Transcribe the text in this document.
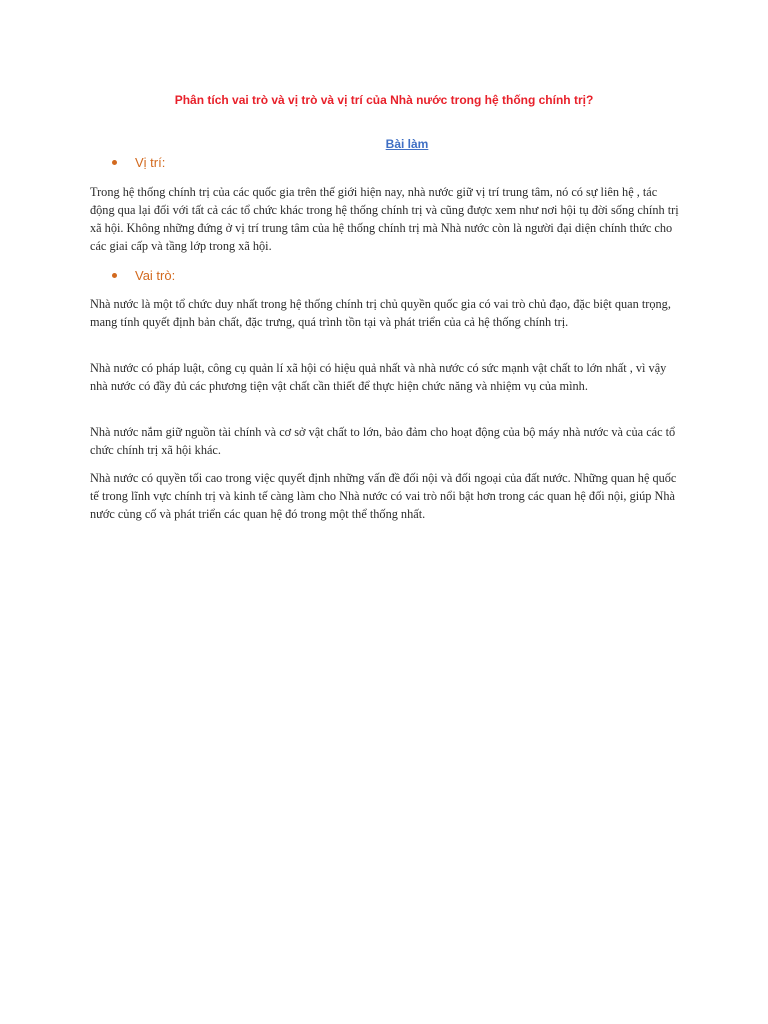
Phân tích vai trò và vị trò và vị trí của Nhà nước trong hệ thống chính trị?
Bài làm
Vị trí:

Trong hệ thống chính trị của các quốc gia trên thế giới hiện nay, nhà nước giữ vị trí trung tâm, nó có sự liên hệ , tác động qua lại đối với tất cả các tổ chức khác trong hệ thống chính trị và cũng được xem như nơi hội tụ đời sống chính trị xã hội. Không những đứng ở vị trí trung tâm của hệ thống chính trị mà Nhà nước còn là người đại diện chính thức cho các giai cấp và tầng lớp trong xã hội.

Vai trò:

Nhà nước là một tổ chức duy nhất trong hệ thống chính trị chủ quyền quốc gia có vai trò chủ đạo, đặc biệt quan trọng, mang tính quyết định bản chất, đặc trưng, quá trình tồn tại và phát triển của cả hệ thống chính trị.

Nhà nước có pháp luật, công cụ quản lí xã hội có hiệu quả nhất và nhà nước có sức mạnh vật chất to lớn nhất , vì vậy nhà nước có đầy đủ các phương tiện vật chất cần thiết để thực hiện chức năng và nhiệm vụ của mình.

Nhà nước nắm giữ nguồn tài chính và cơ sở vật chất to lớn, bảo đảm cho hoạt động của bộ máy nhà nước và của các tổ chức chính trị xã hội khác.

Nhà nước có quyền tối cao trong việc quyết định những vấn đề đối nội và đối ngoại của đất nước. Những quan hệ quốc tế trong lĩnh vực chính trị và kinh tế càng làm cho Nhà nước có vai trò nổi bật hơn trong các quan hệ đối nội, giúp Nhà nước củng cố và phát triển các quan hệ đó trong một thể thống nhất.
